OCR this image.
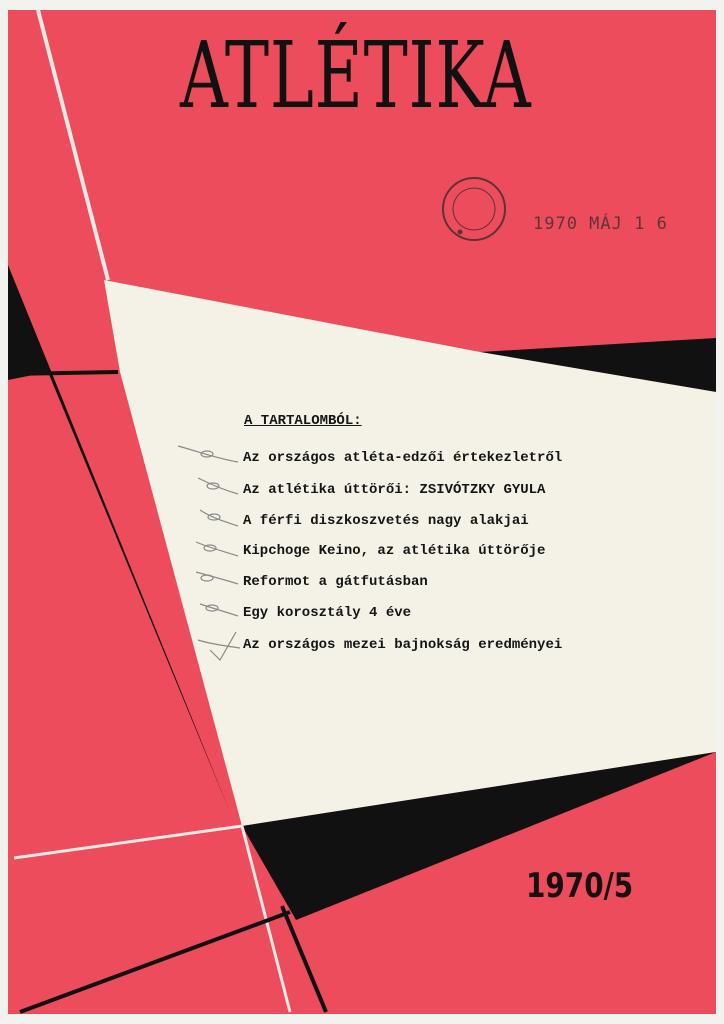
ATLÉTIKA
1970 MÁJ 1 6
A TARTALOMBÓL:
Az országos atléta-edzői értekezletről
Az atlétika úttörői: ZSIVÓTZKY GYULA
A férfi diszkoszvetés nagy alakjai
Kipchoge Keino, az atlétika úttörője
Reformot a gátfutásban
Egy korosztály 4 éve
Az országos mezei bajnokság eredményei
1970/5
